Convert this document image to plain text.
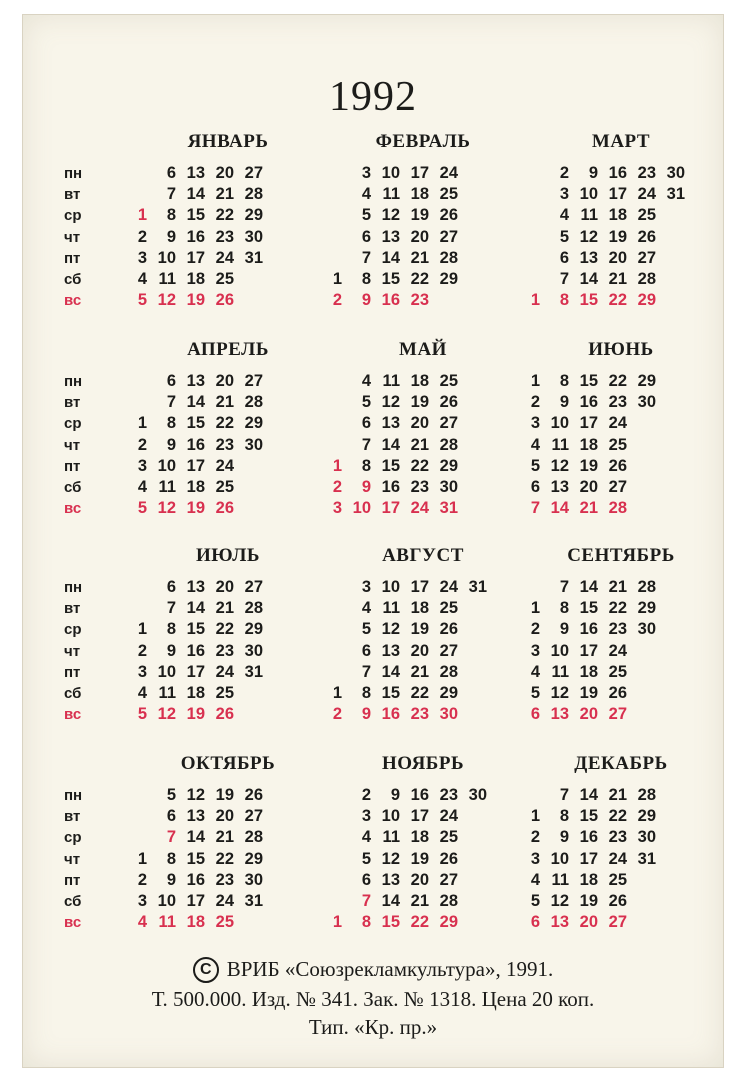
1992
пн
вт
ср
чт
пт
сб
вс
пн
вт
ср
чт
пт
сб
вс
пн
вт
ср
чт
пт
сб
вс
пн
вт
ср
чт
пт
сб
вс
ЯНВАРЬ
1
2
3
4
5
6
7
8
9
10
11
12
13
14
15
16
17
18
19
20
21
22
23
24
25
26
27
28
29
30
31
ФЕВРАЛЬ
1
2
3
4
5
6
7
8
9
10
11
12
13
14
15
16
17
18
19
20
21
22
23
24
25
26
27
28
29
МАРТ
1
2
3
4
5
6
7
8
9
10
11
12
13
14
15
16
17
18
19
20
21
22
23
24
25
26
27
28
29
30
31
АПРЕЛЬ
1
2
3
4
5
6
7
8
9
10
11
12
13
14
15
16
17
18
19
20
21
22
23
24
25
26
27
28
29
30
МАЙ
1
2
3
4
5
6
7
8
9
10
11
12
13
14
15
16
17
18
19
20
21
22
23
24
25
26
27
28
29
30
31
ИЮНЬ
1
2
3
4
5
6
7
8
9
10
11
12
13
14
15
16
17
18
19
20
21
22
23
24
25
26
27
28
29
30
ИЮЛЬ
1
2
3
4
5
6
7
8
9
10
11
12
13
14
15
16
17
18
19
20
21
22
23
24
25
26
27
28
29
30
31
АВГУСТ
1
2
3
4
5
6
7
8
9
10
11
12
13
14
15
16
17
18
19
20
21
22
23
24
25
26
27
28
29
30
31
СЕНТЯБРЬ
1
2
3
4
5
6
7
8
9
10
11
12
13
14
15
16
17
18
19
20
21
22
23
24
25
26
27
28
29
30
ОКТЯБРЬ
1
2
3
4
5
6
7
8
9
10
11
12
13
14
15
16
17
18
19
20
21
22
23
24
25
26
27
28
29
30
31
НОЯБРЬ
1
2
3
4
5
6
7
8
9
10
11
12
13
14
15
16
17
18
19
20
21
22
23
24
25
26
27
28
29
30
ДЕКАБРЬ
1
2
3
4
5
6
7
8
9
10
11
12
13
14
15
16
17
18
19
20
21
22
23
24
25
26
27
28
29
30
31
C ВРИБ «Союзрекламкультура», 1991.
Т. 500.000. Изд. № 341. Зак. № 1318. Цена 20 коп.
Тип. «Кр. пр.»
